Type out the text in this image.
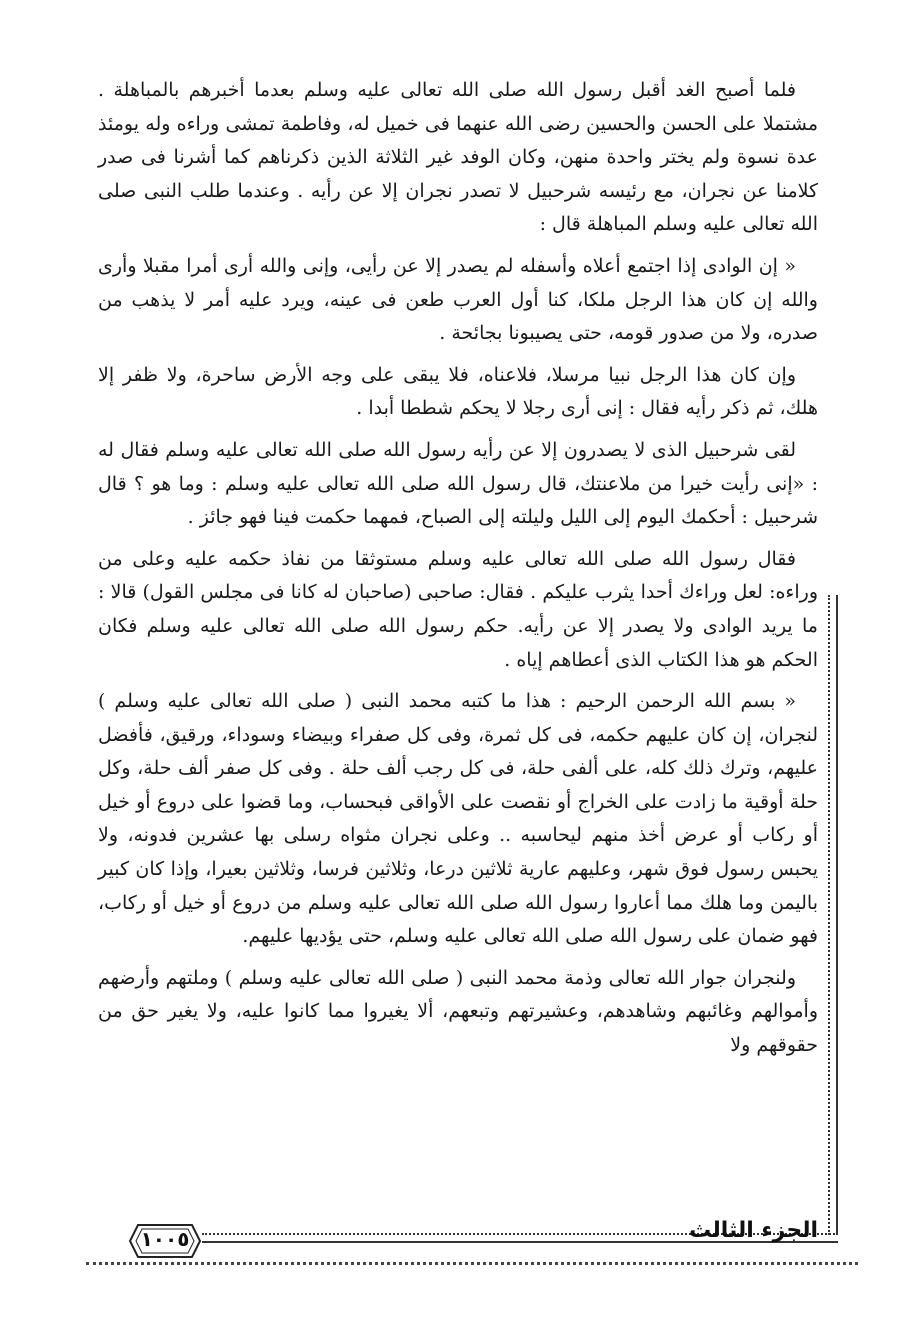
فلما أصبح الغد أقبل رسول الله صلى الله تعالى عليه وسلم بعدما أخبرهم بالمباهلة . مشتملا على الحسن والحسين رضى الله عنهما فى خميل له، وفاطمة تمشى وراءه وله يومئذ عدة نسوة ولم يختر واحدة منهن، وكان الوفد غير الثلاثة الذين ذكرناهم كما أشرنا فى صدر كلامنا عن نجران، مع رئيسه شرحبيل لا تصدر نجران إلا عن رأيه . وعندما طلب النبى صلى الله تعالى عليه وسلم المباهلة قال :

« إن الوادى إذا اجتمع أعلاه وأسفله لم يصدر إلا عن رأيى، وإنى والله أرى أمرا مقبلا وأرى والله إن كان هذا الرجل ملكا، كنا أول العرب طعن فى عينه، ويرد عليه أمر لا يذهب من صدره، ولا من صدور قومه، حتى يصيبونا بجائحة .

وإن كان هذا الرجل نبيا مرسلا، فلاعناه، فلا يبقى على وجه الأرض ساحرة، ولا ظفر إلا هلك، ثم ذكر رأيه فقال : إنى أرى رجلا لا يحكم شططا أبدا .

لقى شرحبيل الذى لا يصدرون إلا عن رأيه رسول الله صلى الله تعالى عليه وسلم فقال له : «إنى رأيت خيرا من ملاعنتك، قال رسول الله صلى الله تعالى عليه وسلم : وما هو ؟ قال شرحبيل : أحكمك اليوم إلى الليل وليلته إلى الصباح، فمهما حكمت فينا فهو جائز .

فقال رسول الله صلى الله تعالى عليه وسلم مستوثقا من نفاذ حكمه عليه وعلى من وراءه: لعل وراءك أحدا يثرب عليكم . فقال: صاحبى (صاحبان له كانا فى مجلس القول) قالا : ما يريد الوادى ولا يصدر إلا عن رأيه. حكم رسول الله صلى الله تعالى عليه وسلم فكان الحكم هو هذا الكتاب الذى أعطاهم إياه .

« بسم الله الرحمن الرحيم : هذا ما كتبه محمد النبى ( صلى الله تعالى عليه وسلم ) لنجران، إن كان عليهم حكمه، فى كل ثمرة، وفى كل صفراء وبيضاء وسوداء، ورقيق، فأفضل عليهم، وترك ذلك كله، على ألفى حلة، فى كل رجب ألف حلة . وفى كل صفر ألف حلة، وكل حلة أوقية ما زادت على الخراج أو نقصت على الأواقى فبحساب، وما قضوا على دروع أو خيل أو ركاب أو عرض أخذ منهم ليحاسبه .. وعلى نجران مثواه رسلى بها عشرين فدونه، ولا يحبس رسول فوق شهر، وعليهم عارية ثلاثين درعا، وثلاثين فرسا، وثلاثين بعيرا، وإذا كان كبير باليمن وما هلك مما أعاروا رسول الله صلى الله تعالى عليه وسلم من دروع أو خيل أو ركاب، فهو ضمان على رسول الله صلى الله تعالى عليه وسلم، حتى يؤديها عليهم.

ولنجران جوار الله تعالى وذمة محمد النبى ( صلى الله تعالى عليه وسلم ) وملتهم وأرضهم وأموالهم وغائبهم وشاهدهم، وعشيرتهم وتبعهم، ألا يغيروا مما كانوا عليه، ولا يغير حق من حقوقهم ولا

الجزء الثالث
١٠٠٥
